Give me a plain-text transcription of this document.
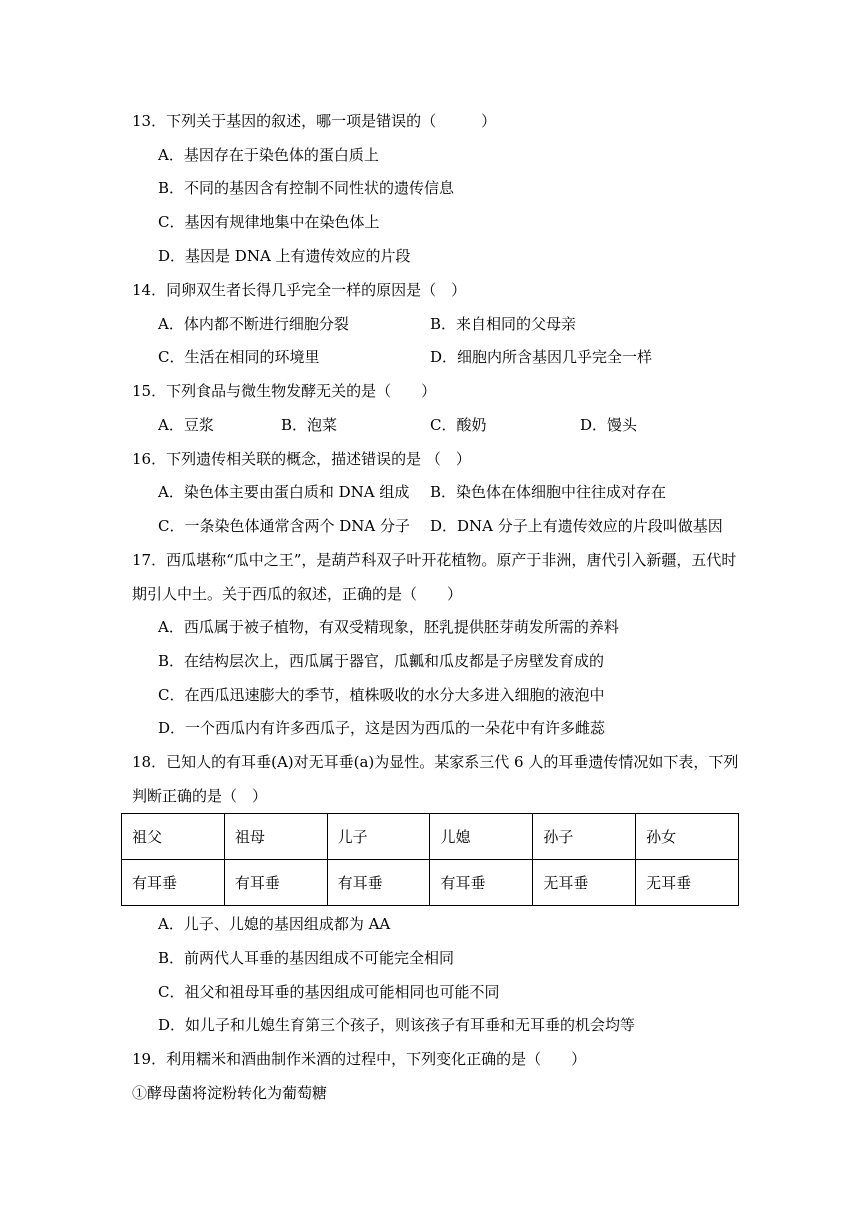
13．下列关于基因的叙述，哪一项是错误的（　　　）
A．基因存在于染色体的蛋白质上
B．不同的基因含有控制不同性状的遗传信息
C．基因有规律地集中在染色体上
D．基因是 DNA 上有遗传效应的片段
14．同卵双生者长得几乎完全一样的原因是（　）
A．体内都不断进行细胞分裂	B．来自相同的父母亲
C．生活在相同的环境里	D．细胞内所含基因几乎完全一样
15．下列食品与微生物发酵无关的是（　　）
A．豆浆	B．泡菜	C．酸奶	D．馒头
16．下列遗传相关联的概念，描述错误的是 （　）
A．染色体主要由蛋白质和 DNA 组成 B．染色体在体细胞中往往成对存在
C．一条染色体通常含两个 DNA 分子 D．DNA 分子上有遗传效应的片段叫做基因
17．西瓜堪称“瓜中之王”，是葫芦科双子叶开花植物。原产于非洲，唐代引入新疆，五代时
期引人中土。关于西瓜的叙述，正确的是（　　）
A．西瓜属于被子植物，有双受精现象，胚乳提供胚芽萌发所需的养料
B．在结构层次上，西瓜属于器官，瓜瓤和瓜皮都是子房壁发育成的
C．在西瓜迅速膨大的季节，植株吸收的水分大多进入细胞的液泡中
D．一个西瓜内有许多西瓜子，这是因为西瓜的一朵花中有许多雌蕊
18．已知人的有耳垂(A)对无耳垂(a)为显性。某家系三代 6 人的耳垂遗传情况如下表，下列
判断正确的是（　）
祖父	祖母	儿子	儿媳	孙子	孙女
有耳垂	有耳垂	有耳垂	有耳垂	无耳垂	无耳垂
A．儿子、儿媳的基因组成都为 AA
B．前两代人耳垂的基因组成不可能完全相同
C．祖父和祖母耳垂的基因组成可能相同也可能不同
D．如儿子和儿媳生育第三个孩子，则该孩子有耳垂和无耳垂的机会均等
19．利用糯米和酒曲制作米酒的过程中，下列变化正确的是（　　）
①酵母菌将淀粉转化为葡萄糖
